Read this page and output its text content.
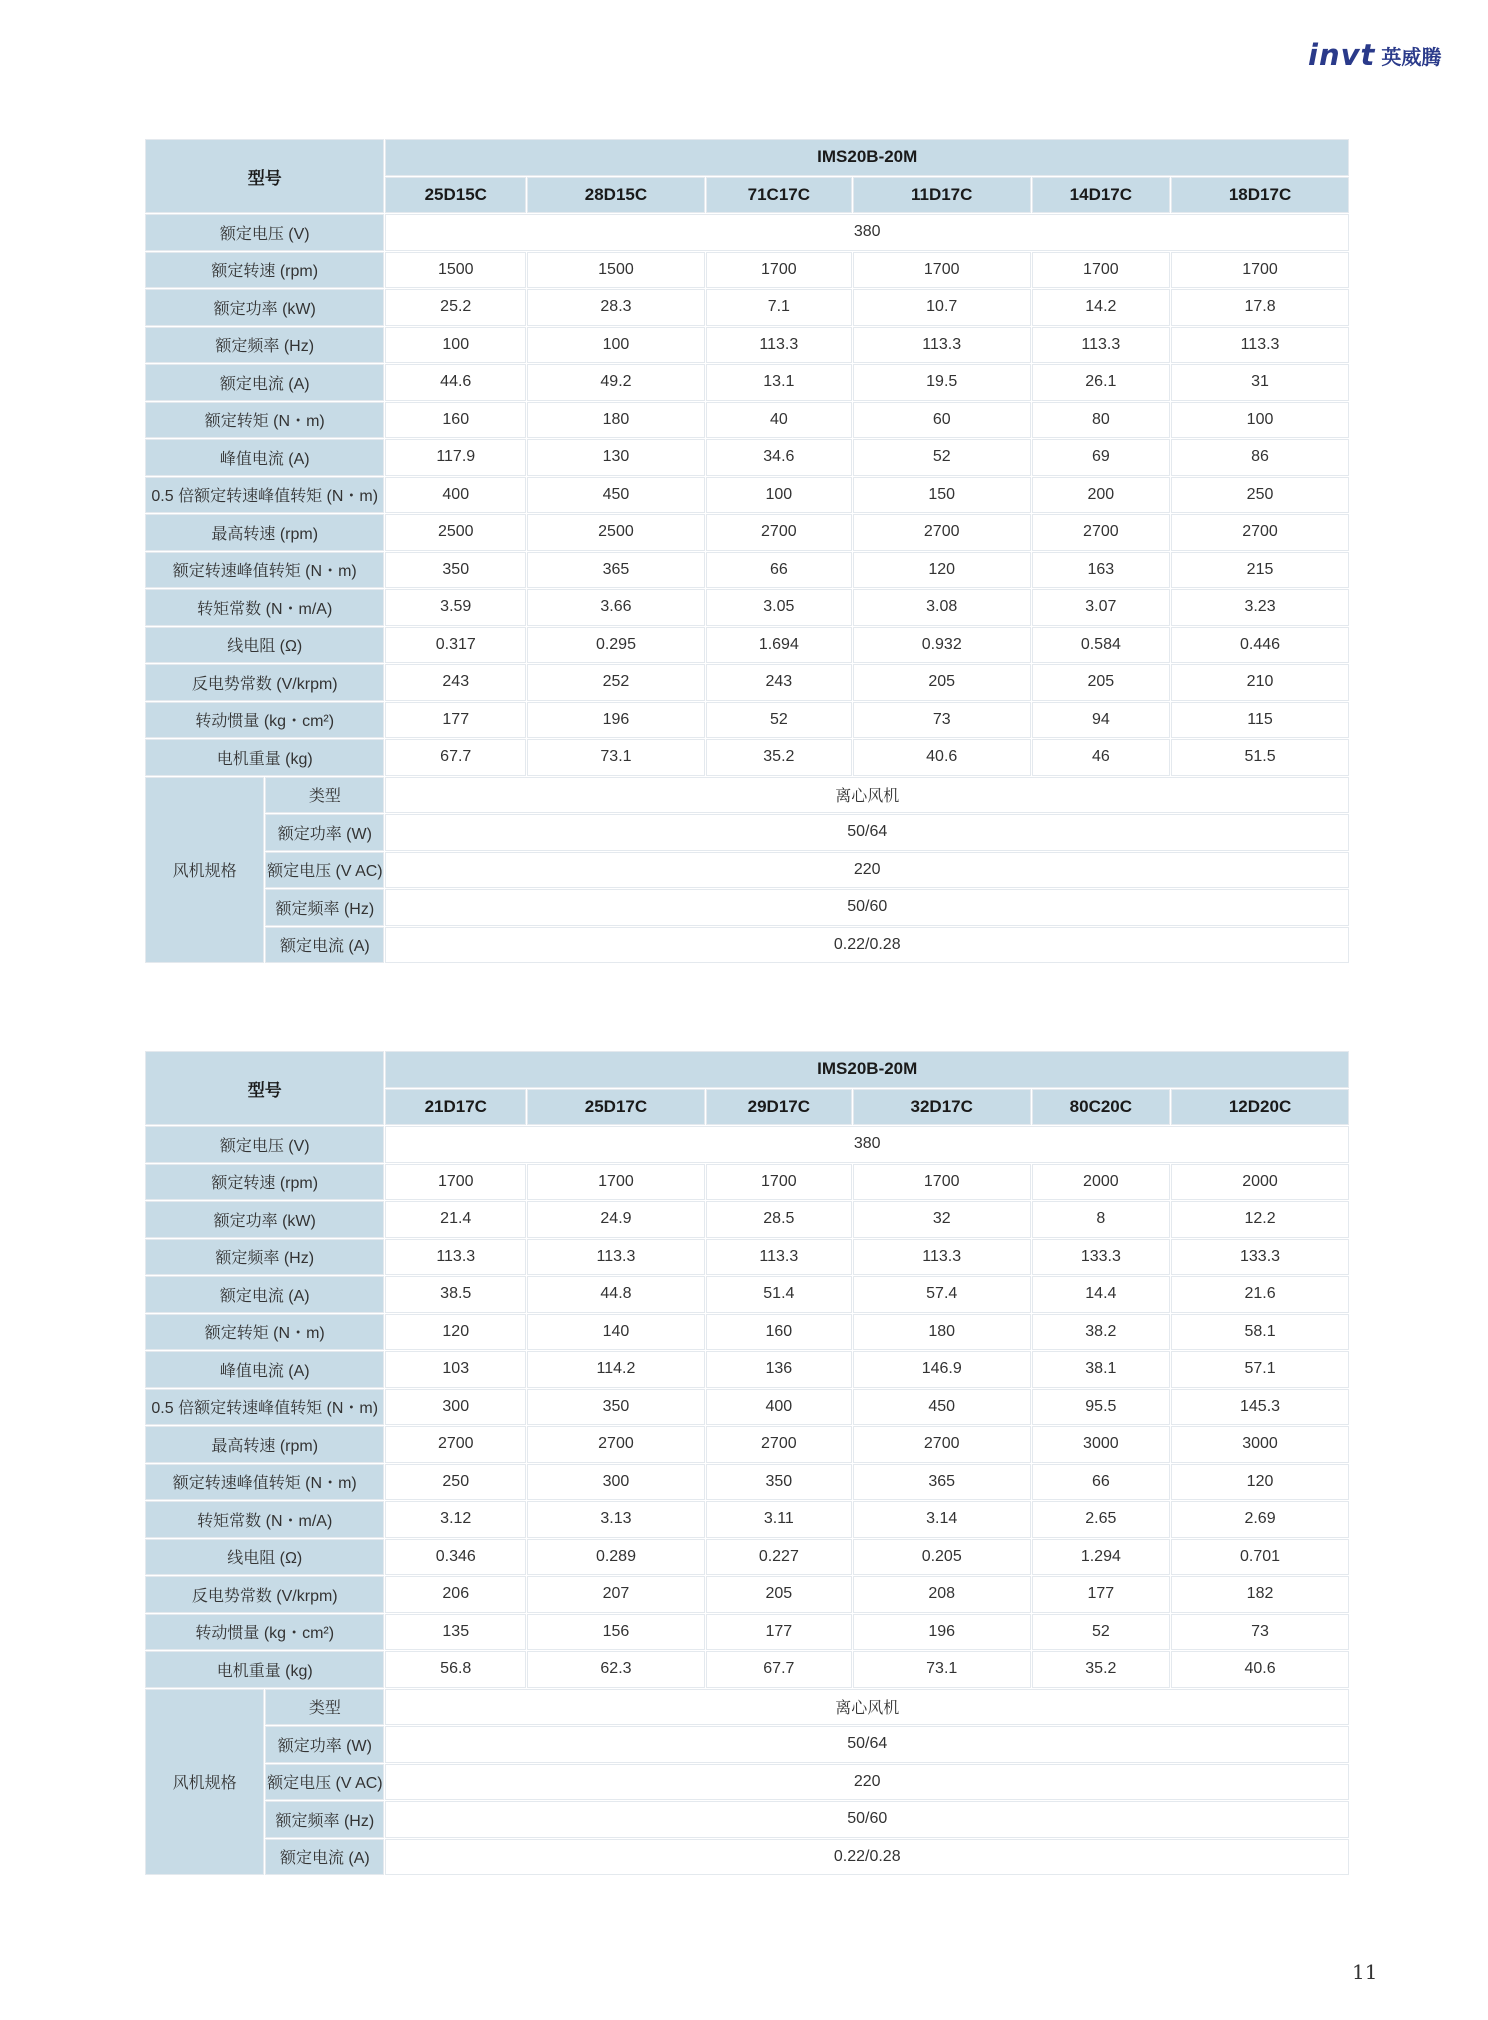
invt 英威腾
型号		IMS20B-20M					
		25D15C	28D15C	71C17C	11D17C	14D17C	18D17C
额定电压 (V)		380					
额定转速 (rpm)		1500	1500	1700	1700	1700	1700
额定功率 (kW)		25.2	28.3	7.1	10.7	14.2	17.8
额定频率 (Hz)		100	100	113.3	113.3	113.3	113.3
额定电流 (A)		44.6	49.2	13.1	19.5	26.1	31
额定转矩 (N・m)		160	180	40	60	80	100
峰值电流 (A)		117.9	130	34.6	52	69	86
0.5 倍额定转速峰值转矩 (N・m)		400	450	100	150	200	250
最高转速 (rpm)		2500	2500	2700	2700	2700	2700
额定转速峰值转矩 (N・m)		350	365	66	120	163	215
转矩常数 (N・m/A)		3.59	3.66	3.05	3.08	3.07	3.23
线电阻 (Ω)		0.317	0.295	1.694	0.932	0.584	0.446
反电势常数 (V/krpm)		243	252	243	205	205	210
转动惯量 (kg・cm²)		177	196	52	73	94	115
电机重量 (kg)		67.7	73.1	35.2	40.6	46	51.5
风机规格	类型	离心风机					
	额定功率 (W)	50/64					
	额定电压 (V AC)	220					
	额定频率 (Hz)	50/60					
	额定电流 (A)	0.22/0.28					
型号		IMS20B-20M					
		21D17C	25D17C	29D17C	32D17C	80C20C	12D20C
额定电压 (V)		380					
额定转速 (rpm)		1700	1700	1700	1700	2000	2000
额定功率 (kW)		21.4	24.9	28.5	32	8	12.2
额定频率 (Hz)		113.3	113.3	113.3	113.3	133.3	133.3
额定电流 (A)		38.5	44.8	51.4	57.4	14.4	21.6
额定转矩 (N・m)		120	140	160	180	38.2	58.1
峰值电流 (A)		103	114.2	136	146.9	38.1	57.1
0.5 倍额定转速峰值转矩 (N・m)		300	350	400	450	95.5	145.3
最高转速 (rpm)		2700	2700	2700	2700	3000	3000
额定转速峰值转矩 (N・m)		250	300	350	365	66	120
转矩常数 (N・m/A)		3.12	3.13	3.11	3.14	2.65	2.69
线电阻 (Ω)		0.346	0.289	0.227	0.205	1.294	0.701
反电势常数 (V/krpm)		206	207	205	208	177	182
转动惯量 (kg・cm²)		135	156	177	196	52	73
电机重量 (kg)		56.8	62.3	67.7	73.1	35.2	40.6
风机规格	类型	离心风机					
	额定功率 (W)	50/64					
	额定电压 (V AC)	220					
	额定频率 (Hz)	50/60					
	额定电流 (A)	0.22/0.28					
11
